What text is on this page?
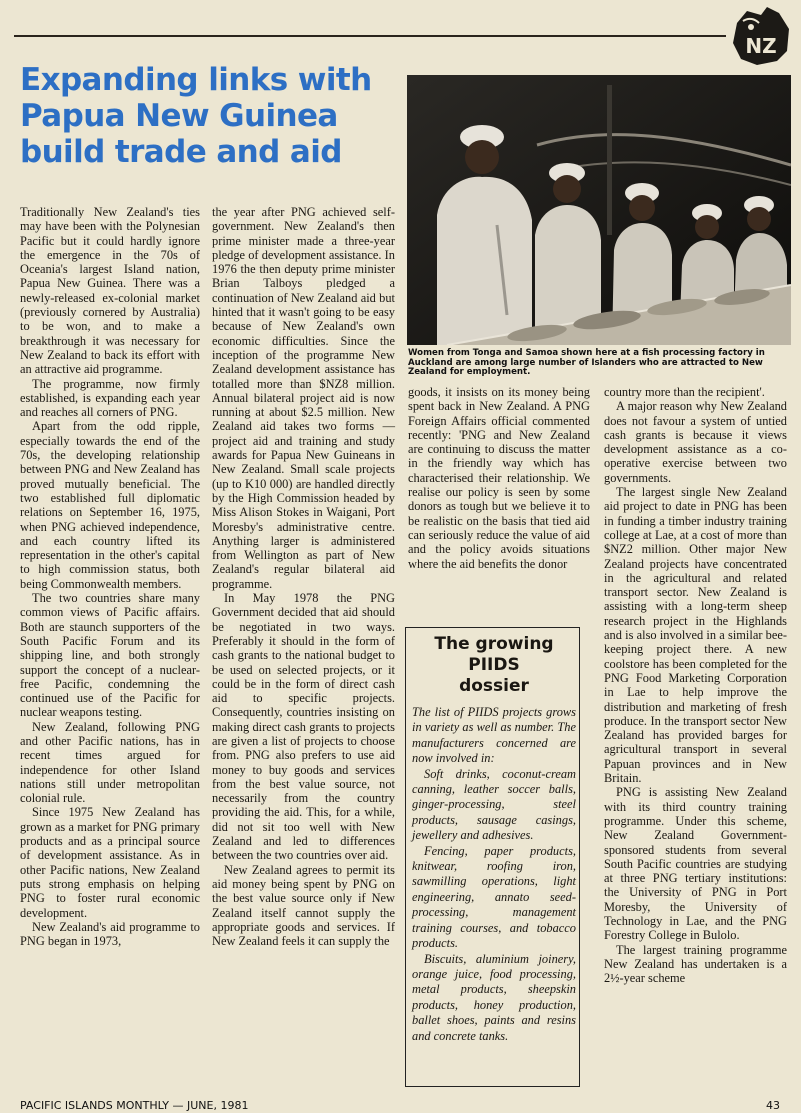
NZ
Expanding links with
Papua New Guinea
build trade and aid

Women from Tonga and Samoa shown here at a fish processing factory in Auckland are among large number of Islanders who are attracted to New Zealand for employment.

Traditionally New Zealand's ties may have been with the Polynesian Pacific but it could hardly ignore the emergence in the 70s of Oceania's largest Island nation, Papua New Guinea. There was a newly-released ex-colonial market (previously cornered by Australia) to be won, and to make a breakthrough it was necessary for New Zealand to back its effort with an attractive aid programme.

The programme, now firmly established, is expanding each year and reaches all corners of PNG.

Apart from the odd ripple, especially towards the end of the 70s, the developing relationship between PNG and New Zealand has proved mutually beneficial. The two established full diplomatic relations on September 16, 1975, when PNG achieved independence, and each country lifted its representation in the other's capital to high commission status, both being Commonwealth members.

The two countries share many common views of Pacific affairs. Both are staunch supporters of the South Pacific Forum and its shipping line, and both strongly support the concept of a nuclear-free Pacific, condemning the continued use of the Pacific for nuclear weapons testing.

New Zealand, following PNG and other Pacific nations, has in recent times argued for independence for other Island nations still under metropolitan colonial rule.

Since 1975 New Zealand has grown as a market for PNG primary products and as a principal source of development assistance. As in other Pacific nations, New Zealand puts strong emphasis on helping PNG to foster rural economic development.

New Zealand's aid programme to PNG began in 1973,

the year after PNG achieved self-government. New Zealand's then prime minister made a three-year pledge of development assistance. In 1976 the then deputy prime minister Brian Talboys pledged a continuation of New Zealand aid but hinted that it wasn't going to be easy because of New Zealand's own economic difficulties. Since the inception of the programme New Zealand development assistance has totalled more than $NZ8 million. Annual bilateral project aid is now running at about $2.5 million. New Zealand aid takes two forms — project aid and training and study awards for Papua New Guineans in New Zealand. Small scale projects (up to K10 000) are handled directly by the High Commission headed by Miss Alison Stokes in Waigani, Port Moresby's administrative centre. Anything larger is administered from Wellington as part of New Zealand's regular bilateral aid programme.

In May 1978 the PNG Government decided that aid should be negotiated in two ways. Preferably it should in the form of cash grants to the national budget to be used on selected projects, or it could be in the form of direct cash aid to specific projects. Consequently, countries insisting on making direct cash grants to projects are given a list of projects to choose from. PNG also prefers to use aid money to buy goods and services from the best value source, not necessarily from the country providing the aid. This, for a while, did not sit too well with New Zealand and led to differences between the two countries over aid.

New Zealand agrees to permit its aid money being spent by PNG on the best value source only if New Zealand itself cannot supply the appropriate goods and services. If New Zealand feels it can supply the

goods, it insists on its money being spent back in New Zealand. A PNG Foreign Affairs official commented recently: 'PNG and New Zealand are continuing to discuss the matter in the friendly way which has characterised their relationship. We realise our policy is seen by some donors as tough but we believe it to be realistic on the basis that tied aid can seriously reduce the value of aid and the policy avoids situations where the aid benefits the donor

country more than the recipient'.

A major reason why New Zealand does not favour a system of untied cash grants is because it views development assistance as a co-operative exercise between two governments.

The largest single New Zealand aid project to date in PNG has been in funding a timber industry training college at Lae, at a cost of more than $NZ2 million. Other major New Zealand projects have concentrated in the agricultural and related transport sector. New Zealand is assisting with a long-term sheep research project in the Highlands and is also involved in a similar bee-keeping project there. A new coolstore has been completed for the PNG Food Marketing Corporation in Lae to help improve the distribution and marketing of fresh produce. In the transport sector New Zealand has provided barges for agricultural transport in several Papuan provinces and in New Britain.

PNG is assisting New Zealand with its third country training programme. Under this scheme, New Zealand Government-sponsored students from several South Pacific countries are studying at three PNG tertiary institutions: the University of PNG in Port Moresby, the University of Technology in Lae, and the PNG Forestry College in Bulolo.

The largest training programme New Zealand has undertaken is a 2½-year scheme

The growing
PIIDS
dossier

The list of PIIDS projects grows in variety as well as number. The manufacturers concerned are now involved in:

Soft drinks, coconut-cream canning, leather soccer balls, ginger-processing, steel products, sausage casings, jewellery and adhesives.

Fencing, paper products, knitwear, roofing iron, sawmilling operations, light engineering, annato seed-processing, management training courses, and tobacco products.

Biscuits, aluminium joinery, orange juice, food processing, metal products, sheepskin products, honey production, ballet shoes, paints and resins and concrete tanks.

PACIFIC ISLANDS MONTHLY — JUNE, 1981	43
